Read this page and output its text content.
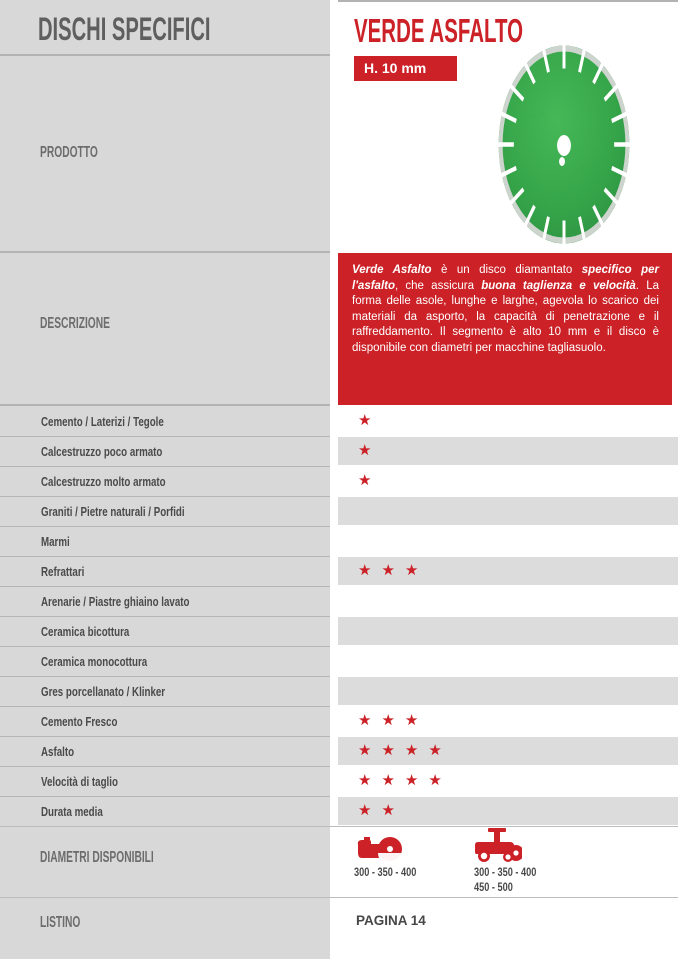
DISCHI SPECIFICI
PRODOTTO
VERDE ASFALTO
H. 10 mm
··· ···
··· ··
···· ···
DESCRIZIONE

Verde Asfalto è un disco diamantato specifico per l'asfalto, che assicura buona taglienza e velocità. La forma delle asole, lunghe e larghe, agevola lo scarico dei materiali da asporto, la capacità di penetrazione e il raffreddamento. Il segmento è alto 10 mm e il disco è disponibile con diametri per macchine tagliasuolo.

Cemento / Laterizi / Tegole	★
Calcestruzzo poco armato	★
Calcestruzzo molto armato	★
Graniti / Pietre naturali / Porfidi
Marmi
Refrattari	★★★
Arenarie / Piastre ghiaino lavato
Ceramica bicottura
Ceramica monocottura
Gres porcellanato / Klinker
Cemento Fresco	★★★
Asfalto	★★★★
Velocità di taglio	★★★★
Durata media	★★
DIAMETRI DISPONIBILI
300 - 350 - 400	300 - 350 - 400
450 - 500
LISTINO	PAGINA 14
